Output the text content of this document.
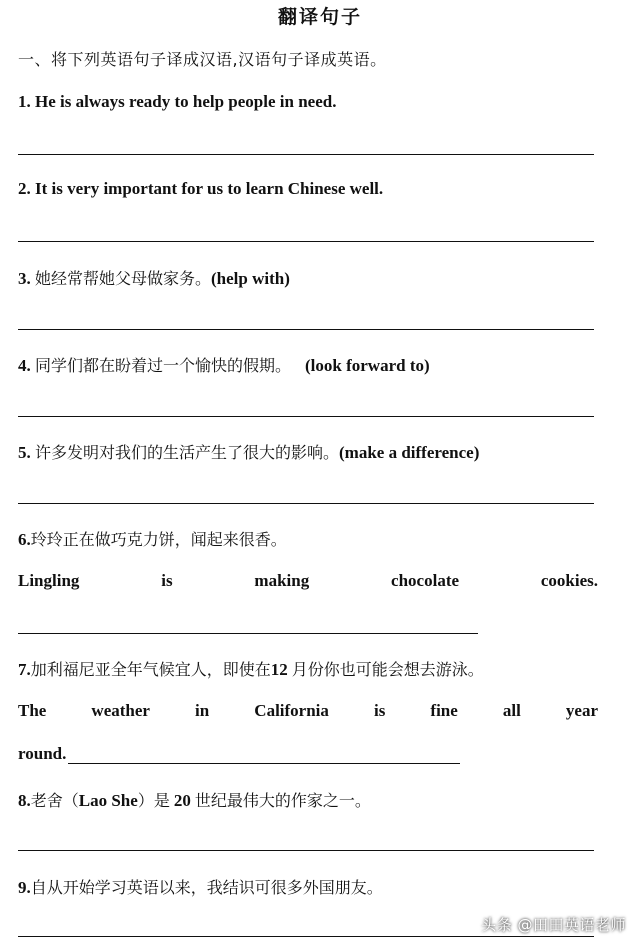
翻译句子
一、将下列英语句子译成汉语,汉语句子译成英语。
1. He is always ready to help people in need.
2. It is very important for us to learn Chinese well.
3. 她经常帮她父母做家务。(help with)
4. 同学们都在盼着过一个愉快的假期。 (look forward to)
5. 许多发明对我们的生活产生了很大的影响。(make a difference)
6.玲玲正在做巧克力饼，闻起来很香。
Lingling	is	making	chocolate	cookies.
7.加利福尼亚全年气候宜人，即使在12 月份你也可能会想去游泳。
The	weather	in	California	is	fine	all	year
round.
8.老舍（Lao She）是 20 世纪最伟大的作家之一。
9.自从开始学习英语以来，我结识可很多外国朋友。
头条 @田田英语老师
